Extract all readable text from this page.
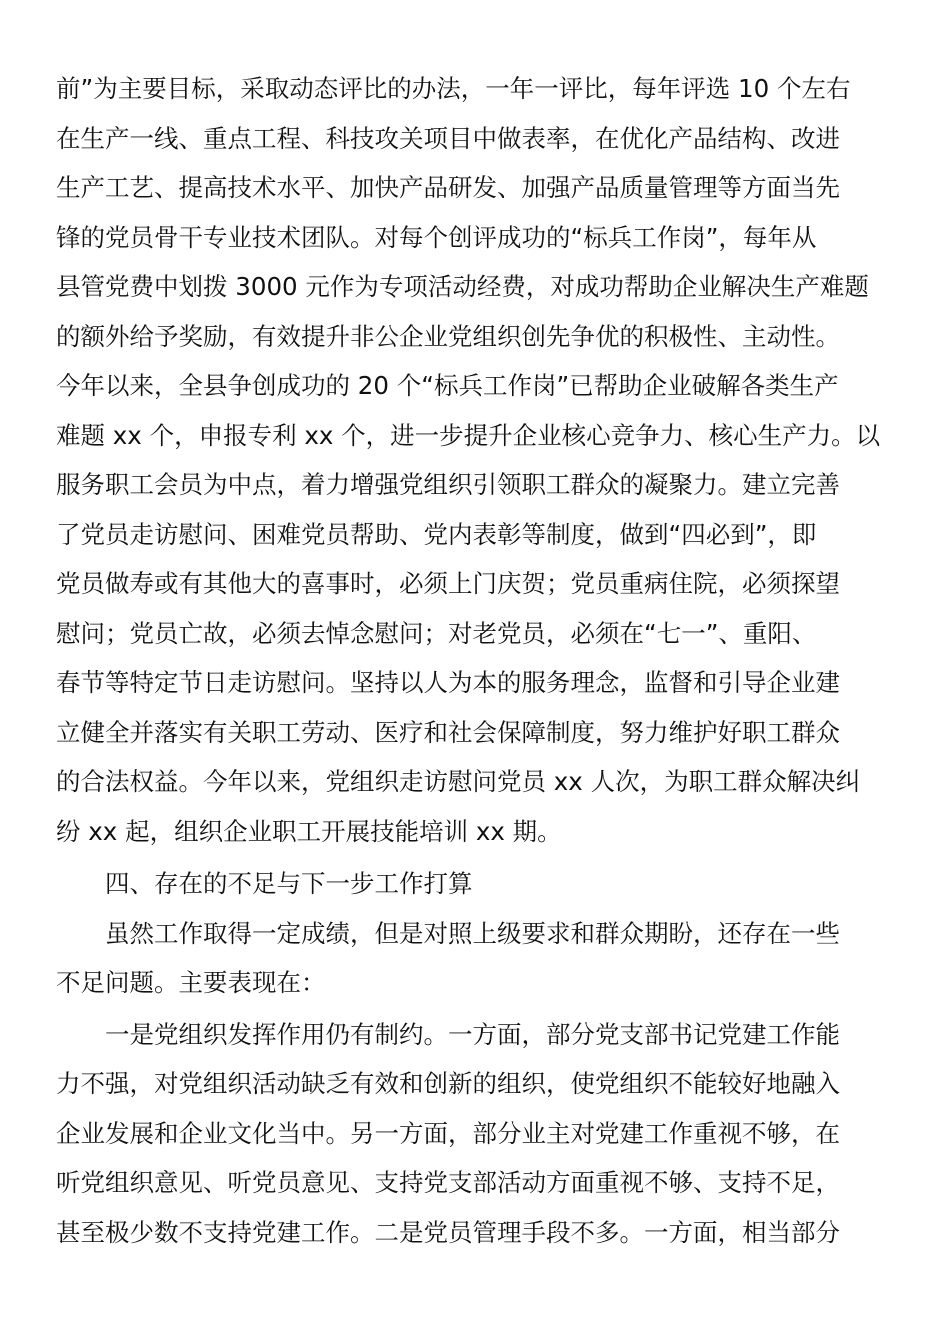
前”为主要目标，采取动态评比的办法，一年一评比，每年评选 10 个左右
在生产一线、重点工程、科技攻关项目中做表率，在优化产品结构、改进
生产工艺、提高技术水平、加快产品研发、加强产品质量管理等方面当先
锋的党员骨干专业技术团队。对每个创评成功的“标兵工作岗”，每年从
县管党费中划拨 3000 元作为专项活动经费，对成功帮助企业解决生产难题
的额外给予奖励，有效提升非公企业党组织创先争优的积极性、主动性。
今年以来，全县争创成功的 20 个“标兵工作岗”已帮助企业破解各类生产
难题 xx 个，申报专利 xx 个，进一步提升企业核心竞争力、核心生产力。以
服务职工会员为中点，着力增强党组织引领职工群众的凝聚力。建立完善
了党员走访慰问、困难党员帮助、党内表彰等制度，做到“四必到”，即
党员做寿或有其他大的喜事时，必须上门庆贺；党员重病住院，必须探望
慰问；党员亡故，必须去悼念慰问；对老党员，必须在“七一”、重阳、
春节等特定节日走访慰问。坚持以人为本的服务理念，监督和引导企业建
立健全并落实有关职工劳动、医疗和社会保障制度，努力维护好职工群众
的合法权益。今年以来，党组织走访慰问党员 xx 人次，为职工群众解决纠
纷 xx 起，组织企业职工开展技能培训 xx 期。
四、存在的不足与下一步工作打算
虽然工作取得一定成绩，但是对照上级要求和群众期盼，还存在一些
不足问题。主要表现在：
一是党组织发挥作用仍有制约。一方面，部分党支部书记党建工作能
力不强，对党组织活动缺乏有效和创新的组织，使党组织不能较好地融入
企业发展和企业文化当中。另一方面，部分业主对党建工作重视不够，在
听党组织意见、听党员意见、支持党支部活动方面重视不够、支持不足，
甚至极少数不支持党建工作。二是党员管理手段不多。一方面，相当部分
